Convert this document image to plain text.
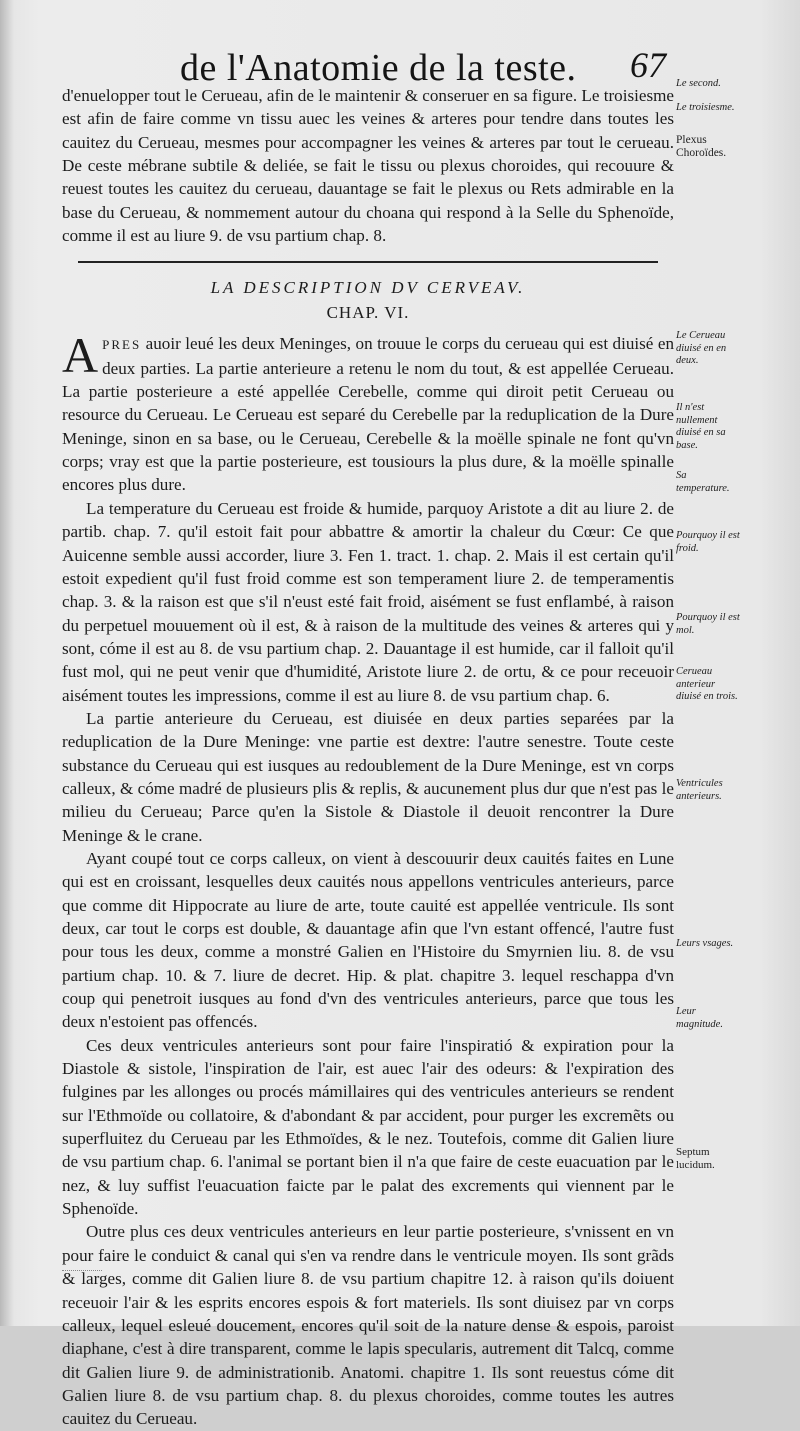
de l'Anatomie de la teste. 67

d'enuelopper tout le Cerueau, afin de le maintenir & conseruer en sa figure. Le troisiesme est afin de faire comme vn tissu auec les veines & arteres pour tendre dans toutes les cauitez du Cerueau, mesmes pour accompagner les veines & arteres par tout le cerueau. De ceste mébrane subtile & deliée, se fait le tissu ou plexus choroides, qui recouure & reuest toutes les cauitez du cerueau, dauantage se fait le plexus ou Rets admirable en la base du Cerueau, & nommement autour du choana qui respond à la Selle du Sphenoïde, comme il est au liure 9. de vsu partium chap. 8.

LA DESCRIPTION DV CERVEAV.
CHAP. VI.

APRES auoir leué les deux Meninges, on trouue le corps du cerueau qui est diuisé en deux parties. La partie anterieure a retenu le nom du tout, & est appellée Cerueau. La partie posterieure a esté appellée Cerebelle, comme qui diroit petit Cerueau ou resource du Cerueau. Le Cerueau est separé du Cerebelle par la reduplication de la Dure Meninge, sinon en sa base, ou le Cerueau, Cerebelle & la moëlle spinale ne font qu'vn corps; vray est que la partie posterieure, est tousiours la plus dure, & la moëlle spinalle encores plus dure.

La temperature du Cerueau est froide & humide, parquoy Aristote a dit au liure 2. de partib. chap. 7. qu'il estoit fait pour abbattre & amortir la chaleur du Cœur: Ce que Auicenne semble aussi accorder, liure 3. Fen 1. tract. 1. chap. 2. Mais il est certain qu'il estoit expedient qu'il fust froid comme est son temperament liure 2. de temperamentis chap. 3. & la raison est que s'il n'eust esté fait froid, aisément se fust enflambé, à raison du perpetuel mouuement où il est, & à raison de la multitude des veines & arteres qui y sont, cóme il est au 8. de vsu partium chap. 2. Dauantage il est humide, car il falloit qu'il fust mol, qui ne peut venir que d'humidité, Aristote liure 2. de ortu, & ce pour receuoir aisément toutes les impressions, comme il est au liure 8. de vsu partium chap. 6.

La partie anterieure du Cerueau, est diuisée en deux parties separées par la reduplication de la Dure Meninge: vne partie est dextre: l'autre senestre. Toute ceste substance du Cerueau qui est iusques au redoublement de la Dure Meninge, est vn corps calleux, & cóme madré de plusieurs plis & replis, & aucunement plus dur que n'est pas le milieu du Cerueau; Parce qu'en la Sistole & Diastole il deuoit rencontrer la Dure Meninge & le crane.

Ayant coupé tout ce corps calleux, on vient à descouurir deux cauités faites en Lune qui est en croissant, lesquelles deux cauités nous appellons ventricules anterieurs, parce que comme dit Hippocrate au liure de arte, toute cauité est appellée ventricule. Ils sont deux, car tout le corps est double, & dauantage afin que l'vn estant offencé, l'autre fust pour tous les deux, comme a monstré Galien en l'Histoire du Smyrnien liu. 8. de vsu partium chap. 10. & 7. liure de decret. Hip. & plat. chapitre 3. lequel reschappa d'vn coup qui penetroit iusques au fond d'vn des ventricules anterieurs, parce que tous les deux n'estoient pas offencés.

Ces deux ventricules anterieurs sont pour faire l'inspiratió & expiration pour la Diastole & sistole, l'inspiration de l'air, est auec l'air des odeurs: & l'expiration des fulgines par les allonges ou procés mámillaires qui des ventricules anterieurs se rendent sur l'Ethmoïde ou collatoire, & d'abondant & par accident, pour purger les excremẽts ou superfluitez du Cerueau par les Ethmoïdes, & le nez. Toutefois, comme dit Galien liure de vsu partium chap. 6. l'animal se portant bien il n'a que faire de ceste euacuation par le nez, & luy suffist l'euacuation faicte par le palat des excrements qui viennent par le Sphenoïde.

Outre plus ces deux ventricules anterieurs en leur partie posterieure, s'vnissent en vn pour faire le conduict & canal qui s'en va rendre dans le ventricule moyen. Ils sont grãds & larges, comme dit Galien liure 8. de vsu partium chapitre 12. à raison qu'ils doiuent receuoir l'air & les esprits encores espois & fort materiels. Ils sont diuisez par vn corps calleux, lequel esleué doucement, encores qu'il soit de la nature dense & espois, paroist diaphane, c'est à dire transparent, comme le lapis specularis, autrement dit Talcq, comme dit Galien liure 9. de administrationib. Anatomi. chapitre 1. Ils sont reuestus cóme dit Galien liure 8. de vsu partium chap. 8. du plexus choroides, comme toutes les autres cauitez du Cerueau.

Le second.
Le troisiesme.
Plexus Choroïdes.
Le Cerueau diuisé en en deux.
Il n'est nullement diuisé en sa base.
Sa temperature.
Pourquoy il est froid.
Pourquoy il est mol.
Cerueau anterieur diuisé en trois.
Ventricules anterieurs.
Leurs vsages.
Leur magnitude.
Septum lucidum.
